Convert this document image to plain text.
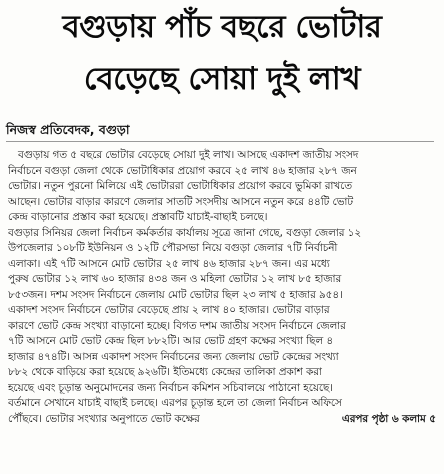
বগুড়ায় পাঁচ বছরে ভোটার
বেড়েছে সোয়া দুই লাখ
নিজস্ব প্রতিবেদক, বগুড়া
বগুড়ায় গত ৫ বছরে ভোটার বেড়েছে সোয়া দুই লাখ। আসছে একাদশ জাতীয় সংসদ
নির্বাচনে বগুড়া জেলা থেকে ভোটাধিকার প্রয়োগ করবে ২৫ লাখ ৪৬ হাজার ২৮৭ জন
ভোটার। নতুন পুরনো মিলিয়ে এই ভোটাররা ভোটাধিকার প্রয়োগ করবে ভুমিকা রাখতে
আছেন। ভোটার বাড়ার কারণে জেলার সাতটি সংসদীয় আসনে নতুন করে ৪৪টি ভোট
কেন্দ্র বাড়ানোর প্রস্তাব করা হয়েছে। প্রস্তাবটি যাচাই-বাছাই চলছে।
বগুড়ার সিনিয়র জেলা নির্বাচন কর্মকর্তার কার্যালয় সূত্রে জানা গেছে, বগুড়া জেলার ১২
উপজেলার ১০৮টি ইউনিয়ন ও ১২টি পৌরসভা নিয়ে বগুড়া জেলার ৭টি নির্বাচনী
এলাকা। এই ৭টি আসনে মোট ভোটার ২৫ লাখ ৪৬ হাজার ২৮৭ জন। এর মধ্যে
পুরুষ ভোটার ১২ লাখ ৬০ হাজার ৪৩৪ জন ও মহিলা ভোটার ১২ লাখ ৮৫ হাজার
৮৫৩জন। দশম সংসদ নির্বাচনে জেলায় মোট ভোটার ছিল ২৩ লাখ ৫ হাজার ৯৫৪।
একাদশ সংসদ নির্বাচনে ভোটার বেড়েছে প্রায় ২ লাখ ৪০ হাজার। ভোটার বাড়ার
কারণে ভোট কেন্দ্র সংখ্যা বাড়ানো হচ্ছে। বিগত দশম জাতীয় সংসদ নির্বাচনে জেলার
৭টি আসনে মোট ভোট কেন্দ্র ছিল ৮৮২টি। আর ভোট গ্রহণ কক্ষের সংখ্যা ছিল ৪
হাজার ৪৭৪টি। আসন্ন একাদশ সংসদ নির্বাচনের জন্য জেলায় ভোট কেন্দ্রের সংখ্যা
৮৮২ থেকে বাড়িয়ে করা হয়েছে ৯২৬টি। ইতিমধ্যে কেন্দ্রের তালিকা প্রকাশ করা
হয়েছে এবং চূড়ান্ত অনুমোদনের জন্য নির্বাচন কমিশন সচিবালয়ে পাঠানো হয়েছে।
বর্তমানে সেখানে যাচাই বাছাই চলছে। এরপর চূড়ান্ত হলে তা জেলা নির্বাচন অফিসে
পৌঁছবে। ভোটার সংখ্যার অনুপাতে ভোট কক্ষের	এরপর পৃষ্ঠা ৬ কলাম ৫
